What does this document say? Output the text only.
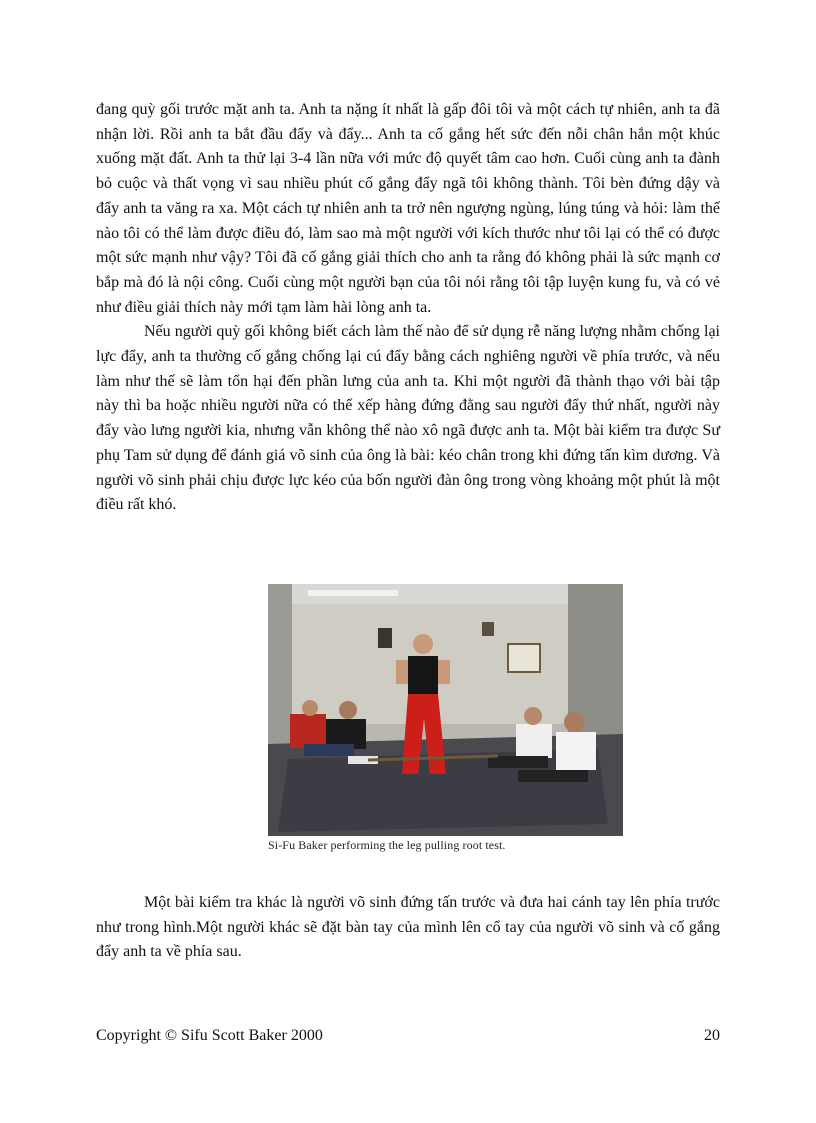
đang quỳ gối trước mặt anh ta. Anh ta nặng ít nhất là gấp đôi tôi và một cách tự nhiên, anh ta đã nhận lời. Rồi anh ta bắt đầu đẩy và đẩy... Anh ta cố gắng hết sức đến nỗi chân hắn một khúc xuống mặt đất. Anh ta thử lại 3-4 lần nữa với mức độ quyết tâm cao hơn. Cuối cùng anh ta đành bỏ cuộc và thất vọng vì sau nhiều phút cố gắng đẩy ngã tôi không thành. Tôi bèn đứng dậy và đẩy anh ta văng ra xa. Một cách tự nhiên anh ta trở nên ngượng ngùng, lúng túng và hỏi: làm thế nào tôi có thể làm được điều đó, làm sao mà một người với kích thước như tôi lại có thể có được một sức mạnh như vậy? Tôi đã cố gắng giải thích cho anh ta rằng đó không phải là sức mạnh cơ bắp mà đó là nội công. Cuối cùng một người bạn của tôi nói rằng tôi tập luyện kung fu, và có vẻ như điều giải thích này mới tạm làm hài lòng anh ta.

Nếu người quỳ gối không biết cách làm thế nào để sử dụng rễ năng lượng nhằm chống lại lực đẩy, anh ta thường cố gắng chống lại cú đẩy bằng cách nghiêng người về phía trước, và nếu làm như thế sẽ làm tổn hại đến phần lưng của anh ta. Khi một người đã thành thạo với bài tập này thì ba hoặc nhiều người nữa có thể xếp hàng đứng đằng sau người đẩy thứ nhất, người này đẩy vào lưng người kia, nhưng vẫn không thể nào xô ngã được anh ta. Một bài kiểm tra được Sư phụ Tam sử dụng để đánh giá võ sinh của ông là bài: kéo chân trong khi đứng tấn kìm dương. Và người võ sinh phải chịu được lực kéo của bốn người đàn ông trong vòng khoảng một phút là một điều rất khó.

Si-Fu Baker performing the leg pulling root test.

Một bài kiểm tra khác là người võ sinh đứng tấn trước và đưa hai cánh tay lên phía trước như trong hình.Một người khác sẽ đặt bàn tay của mình lên cổ tay của người võ sinh và cố gắng đẩy anh ta về phía sau.

Copyright © Sifu Scott Baker 2000	20
